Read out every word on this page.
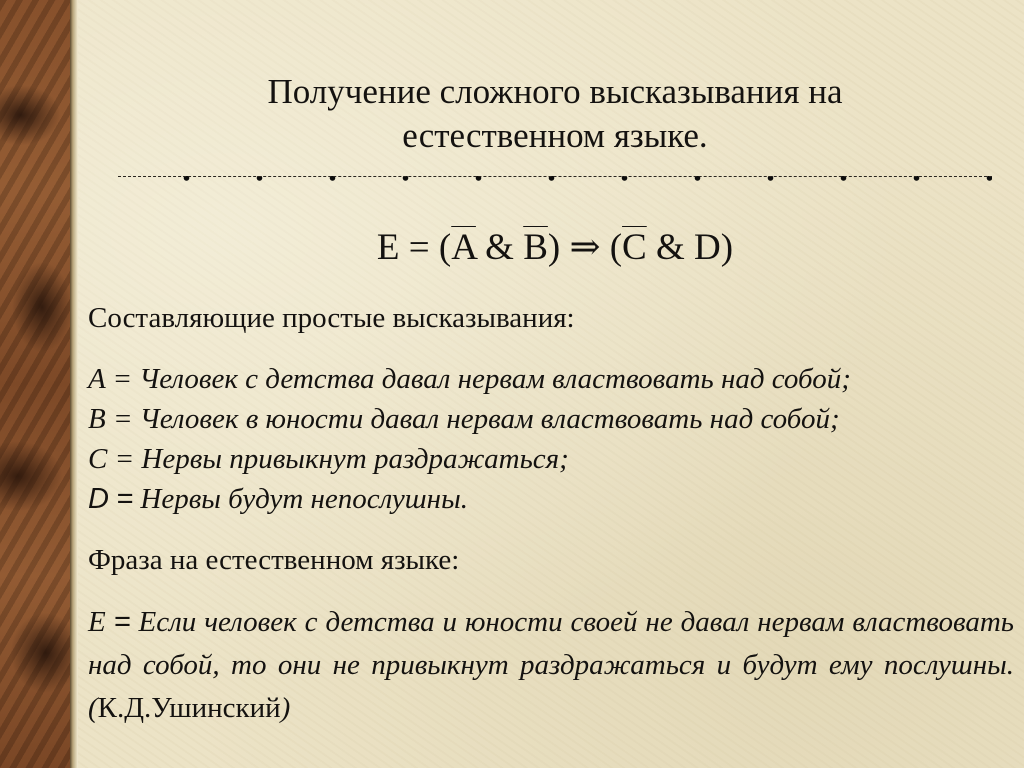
Получение сложного высказывания на
естественном языке.
$E = (\overline{A}$ & $\overline{B}$) ⇒ ($\overline{C}$ & D)
Составляющие простые высказывания:
A = Человек с детства давал нервам властвовать над собой;
B = Человек в юности давал нервам властвовать над собой;
C = Нервы привыкнут раздражаться;
D = Нервы будут непослушны.
Фраза на естественном языке:
E = Если человек с детства и юности своей не давал нервам властвовать над собой, то они не привыкнут раздражаться и будут ему послушны. (К.Д.Ушинский)
